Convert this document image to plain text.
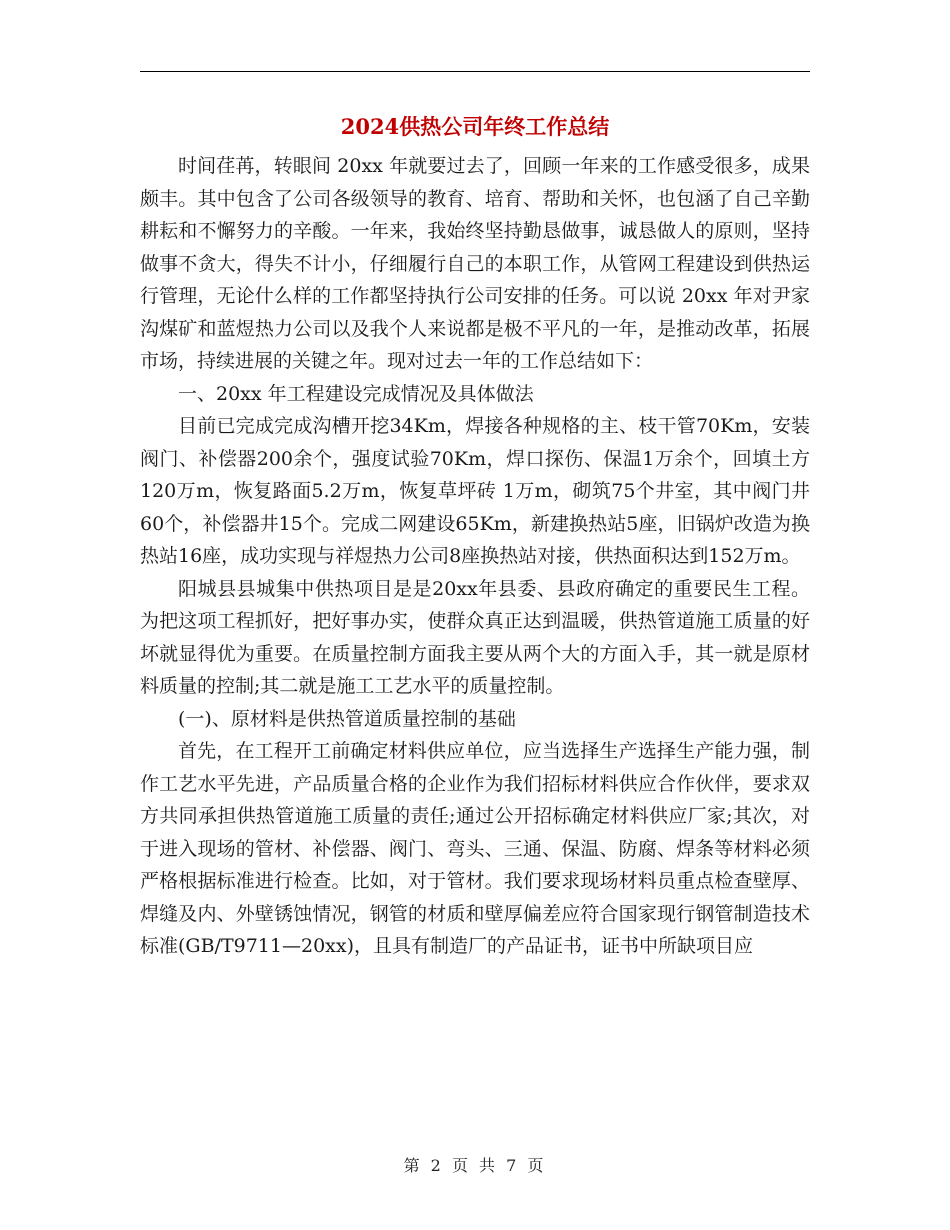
2024供热公司年终工作总结

时间荏苒，转眼间 20xx 年就要过去了，回顾一年来的工作感受很多，成果颇丰。其中包含了公司各级领导的教育、培育、帮助和关怀，也包涵了自己辛勤耕耘和不懈努力的辛酸。一年来，我始终坚持勤恳做事，诚恳做人的原则，坚持做事不贪大，得失不计小，仔细履行自己的本职工作，从管网工程建设到供热运行管理，无论什么样的工作都坚持执行公司安排的任务。可以说 20xx 年对尹家沟煤矿和蓝煜热力公司以及我个人来说都是极不平凡的一年，是推动改革，拓展市场，持续进展的关键之年。现对过去一年的工作总结如下：

一、20xx 年工程建设完成情况及具体做法

目前已完成完成沟槽开挖34Km，焊接各种规格的主、枝干管70Km，安装阀门、补偿器200余个，强度试验70Km，焊口探伤、保温1万余个，回填土方120万m，恢复路面5.2万m，恢复草坪砖 1万m，砌筑75个井室，其中阀门井60个，补偿器井15个。完成二网建设65Km，新建换热站5座，旧锅炉改造为换热站16座，成功实现与祥煜热力公司8座换热站对接，供热面积达到152万m。

阳城县县城集中供热项目是是20xx年县委、县政府确定的重要民生工程。为把这项工程抓好，把好事办实，使群众真正达到温暖，供热管道施工质量的好坏就显得优为重要。在质量控制方面我主要从两个大的方面入手，其一就是原材料质量的控制;其二就是施工工艺水平的质量控制。

(一)、原材料是供热管道质量控制的基础

首先，在工程开工前确定材料供应单位，应当选择生产选择生产能力强，制作工艺水平先进，产品质量合格的企业作为我们招标材料供应合作伙伴，要求双方共同承担供热管道施工质量的责任;通过公开招标确定材料供应厂家;其次，对于进入现场的管材、补偿器、阀门、弯头、三通、保温、防腐、焊条等材料必须严格根据标准进行检查。比如，对于管材。我们要求现场材料员重点检查壁厚、焊缝及内、外壁锈蚀情况，钢管的材质和壁厚偏差应符合国家现行钢管制造技术标准(GB/T9711—20xx)，且具有制造厂的产品证书，证书中所缺项目应

第 2 页 共 7 页
